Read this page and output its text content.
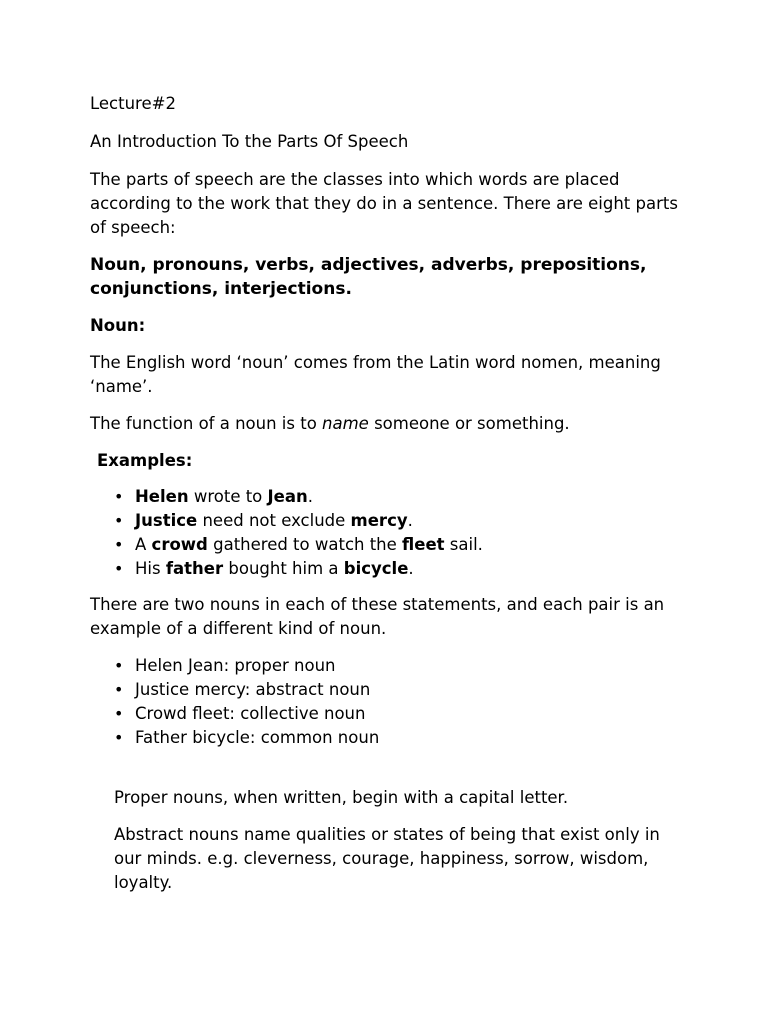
Lecture#2

An Introduction To the Parts Of Speech

The parts of speech are the classes into which words are placed according to the work that they do in a sentence. There are eight parts of speech:

Noun, pronouns, verbs, adjectives, adverbs, prepositions, conjunctions, interjections.

Noun:

The English word ‘noun’ comes from the Latin word nomen, meaning ‘name’.

The function of a noun is to name someone or something.

Examples:

• Helen wrote to Jean.
• Justice need not exclude mercy.
• A crowd gathered to watch the fleet sail.
• His father bought him a bicycle.

There are two nouns in each of these statements, and each pair is an example of a different kind of noun.

• Helen Jean: proper noun
• Justice mercy: abstract noun
• Crowd fleet: collective noun
• Father bicycle: common noun

Proper nouns, when written, begin with a capital letter.

Abstract nouns name qualities or states of being that exist only in our minds. e.g. cleverness, courage, happiness, sorrow, wisdom, loyalty.
